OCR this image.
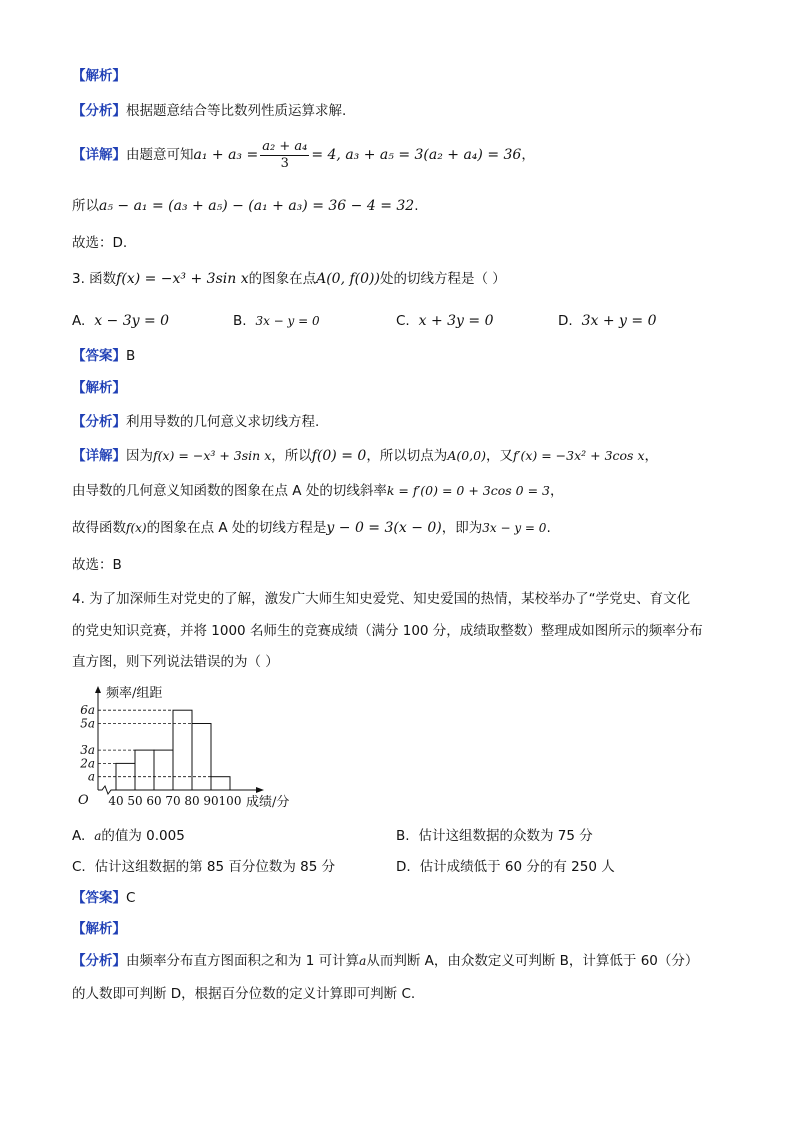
【解析】
【分析】根据题意结合等比数列性质运算求解.
【详解】由题意可知$a_1 + a_3 = \frac{\text{a₂ + a₄}}{3} = 4$, a₃ + a₅ = 3(a₂ + a₄) = 36，
所以a₅ − a₁ = (a₃ + a₅) − (a₁ + a₃) = 36 − 4 = 32.
故选：D.
3. 函数f(x) = −x³ + 3sin x的图象在点A(0, f(0))处的切线方程是（ ）
A. x − 3y = 0	B. 3x − y = 0	C. x + 3y = 0	D. 3x + y = 0
【答案】B
【解析】
【分析】利用导数的几何意义求切线方程.
【详解】因为f(x) = −x³ + 3sin x，所以f(0) = 0，所以切点为A(0,0)，又f′(x) = −3x² + 3cos x，
由导数的几何意义知函数的图象在点 A 处的切线斜率k = f′(0) = 0 + 3cos 0 = 3，
故得函数f(x)的图象在点 A 处的切线方程是y − 0 = 3(x − 0)，即为3x − y = 0.
故选：B
4. 为了加深师生对党史的了解，激发广大师生知史爱党、知史爱国的热情，某校举办了“学党史、育文化
的党史知识竞赛，并将 1000 名师生的竞赛成绩（满分 100 分，成绩取整数）整理成如图所示的频率分布
直方图，则下列说法错误的为（ ）
频率/组距
成绩/分
O
a
2a
3a
5a
6a
40 50 60 70 80 90 100
A. a的值为 0.005	B. 估计这组数据的众数为 75 分
C. 估计这组数据的第 85 百分位数为 85 分	D. 估计成绩低于 60 分的有 250 人
【答案】C
【解析】
【分析】由频率分布直方图面积之和为 1 可计算a从而判断 A，由众数定义可判断 B，计算低于 60（分）
的人数即可判断 D，根据百分位数的定义计算即可判断 C.
